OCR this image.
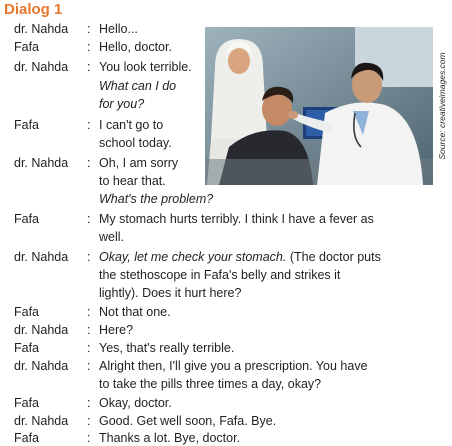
Dialog 1
dr. Nahda : Hello...
Fafa	: Hello, doctor.
dr. Nahda : You look terrible.
What can I do
for you?
Fafa	: I can't go to
school today.
dr. Nahda : Oh, I am sorry
to hear that.
What's the problem?
Fafa	: My stomach hurts terribly. I think I have a fever as
well.
dr. Nahda : Okay, let me check your stomach. (The doctor puts
the stethoscope in Fafa's belly and strikes it
lightly). Does it hurt here?
Fafa	: Not that one.
dr. Nahda : Here?
Fafa	: Yes, that's really terrible.
dr. Nahda : Alright then, I'll give you a prescription. You have
to take the pills three times a day, okay?
Fafa	: Okay, doctor.
dr. Nahda : Good. Get well soon, Fafa. Bye.
Fafa	: Thanks a lot. Bye, doctor.
Source: creativeimages.com
